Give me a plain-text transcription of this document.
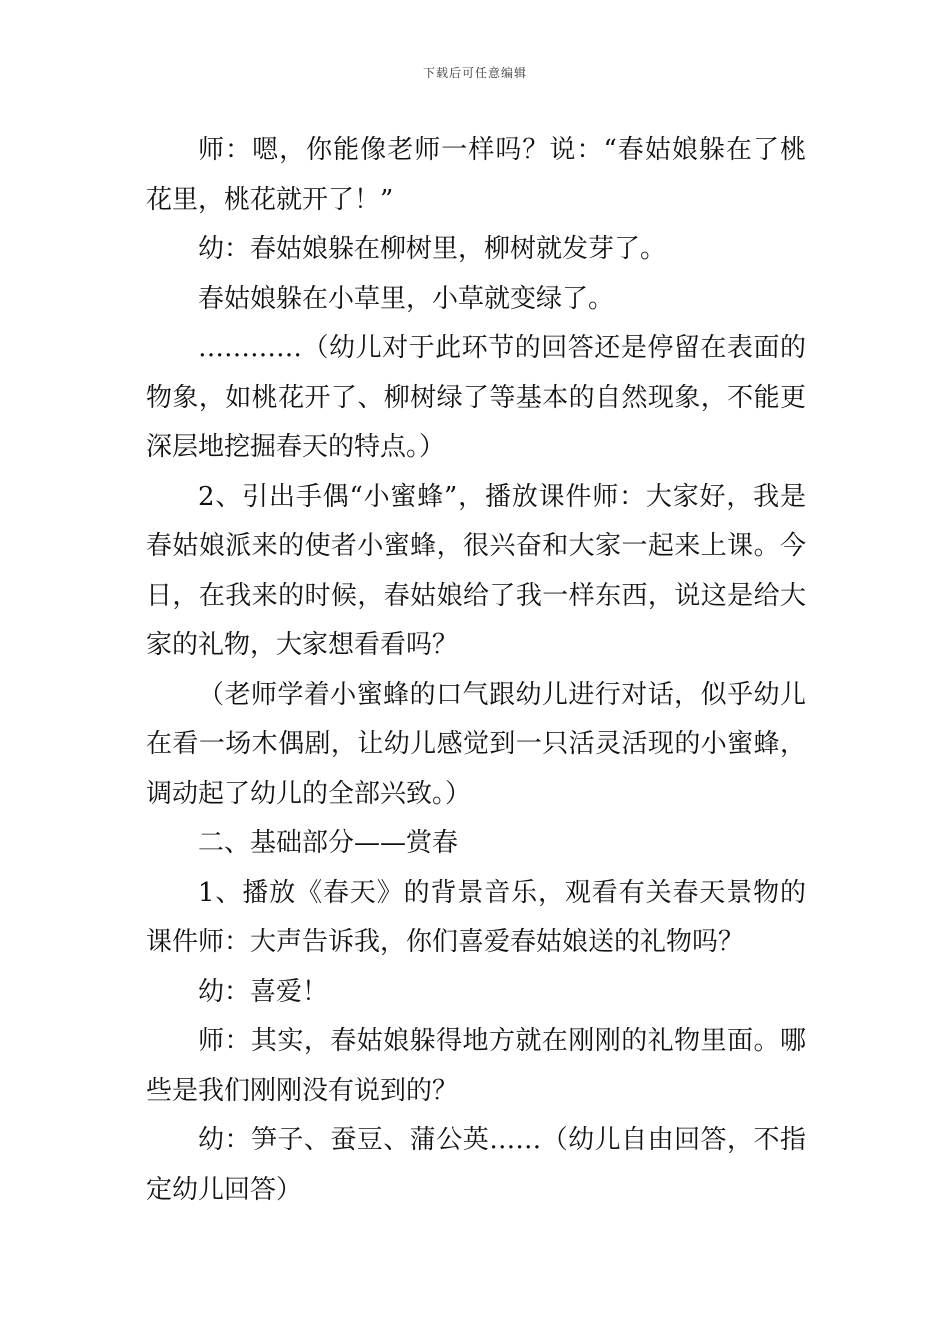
下载后可任意编辑

师：嗯，你能像老师一样吗？说：“春姑娘躲在了桃花里，桃花就开了！”

幼：春姑娘躲在柳树里，柳树就发芽了。

春姑娘躲在小草里，小草就变绿了。

…………（幼儿对于此环节的回答还是停留在表面的物象，如桃花开了、柳树绿了等基本的自然现象，不能更深层地挖掘春天的特点。）

2、引出手偶“小蜜蜂”，播放课件师：大家好，我是春姑娘派来的使者小蜜蜂，很兴奋和大家一起来上课。今日，在我来的时候，春姑娘给了我一样东西，说这是给大家的礼物，大家想看看吗？

（老师学着小蜜蜂的口气跟幼儿进行对话，似乎幼儿在看一场木偶剧，让幼儿感觉到一只活灵活现的小蜜蜂，调动起了幼儿的全部兴致。）

二、基础部分——赏春

1、播放《春天》的背景音乐，观看有关春天景物的课件师：大声告诉我，你们喜爱春姑娘送的礼物吗？

幼：喜爱！

师：其实，春姑娘躲得地方就在刚刚的礼物里面。哪些是我们刚刚没有说到的？

幼：笋子、蚕豆、蒲公英……（幼儿自由回答，不指定幼儿回答）
